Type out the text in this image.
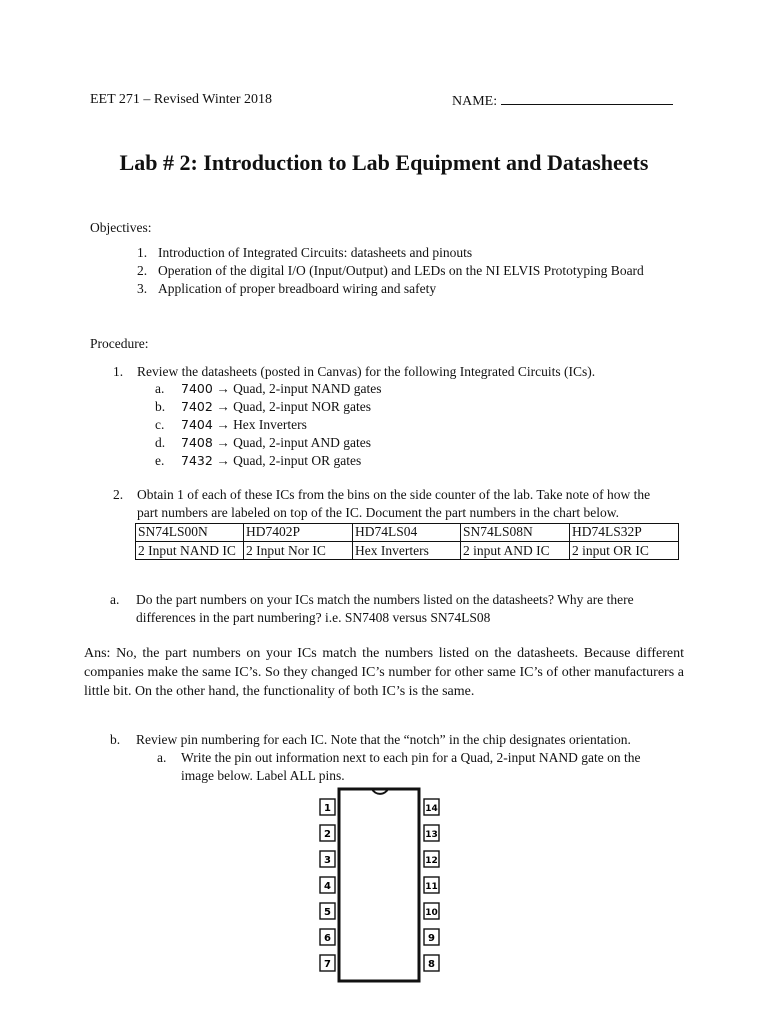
EET 271 – Revised Winter 2018	NAME:
Lab # 2: Introduction to Lab Equipment and Datasheets
Objectives:
1. Introduction of Integrated Circuits: datasheets and pinouts
2. Operation of the digital I/O (Input/Output) and LEDs on the NI ELVIS Prototyping Board
3. Application of proper breadboard wiring and safety
Procedure:
1.	Review the datasheets (posted in Canvas) for the following Integrated Circuits (ICs).
a.	7400
→
Quad, 2-input NAND gates
b.	7402
→
Quad, 2-input NOR gates
c.	7404
→
Hex Inverters
d.	7408
→
Quad, 2-input AND gates
e.	7432
→
Quad, 2-input OR gates
2.	Obtain 1 of each of these ICs from the bins on the side counter of the lab. Take note of how the part numbers are labeled on top of the IC. Document the part numbers in the chart below.
SN74LS00N	HD7402P	HD74LS04	SN74LS08N	HD74LS32P
2 Input NAND IC	2 Input Nor IC	Hex Inverters	2 input AND IC	2 input OR IC
a.	Do the part numbers on your ICs match the numbers listed on the datasheets? Why are there differences in the part numbering? i.e. SN7408 versus SN74LS08
Ans: No, the part numbers on your ICs match the numbers listed on the datasheets. Because different companies make the same IC’s. So they changed IC’s number for other same IC’s of other manufacturers a little bit. On the other hand, the functionality of both IC’s is the same.
b.	Review pin numbering for each IC. Note that the “notch” in the chip designates orientation.
a.	Write the pin out information next to each pin for a Quad, 2-input NAND gate on the image below. Label ALL pins.
1
2
3
4
5
6
7
14
13
12
11
10
9
8
